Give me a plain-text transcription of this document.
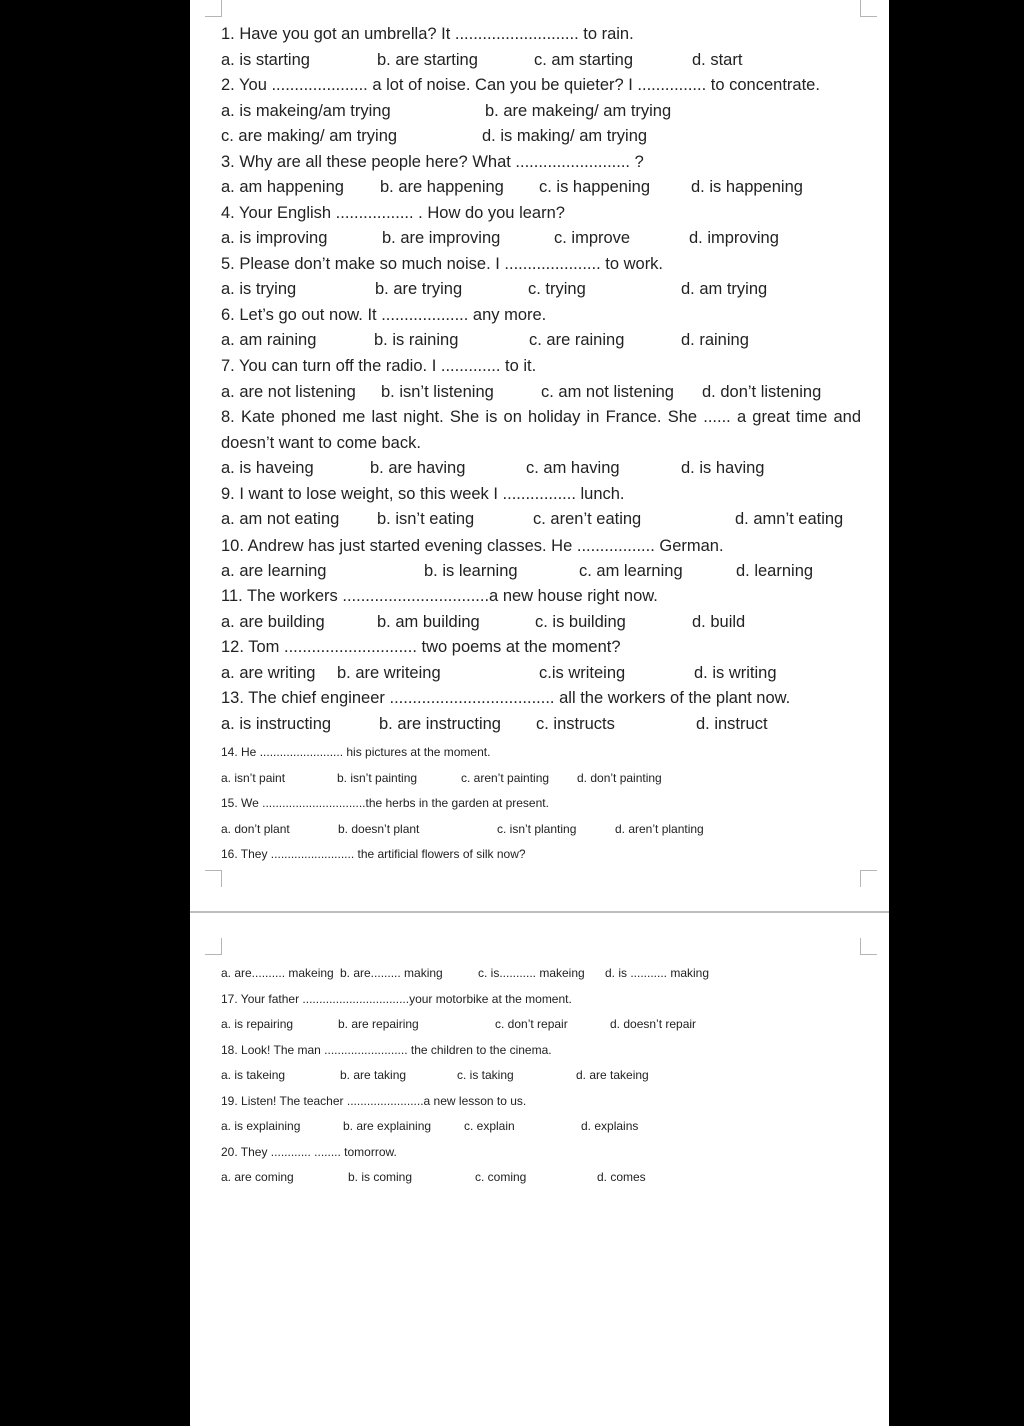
1. Have you got an umbrella? It ........................... to rain.
a. is starting	b. are starting	c. am starting	d. start
2. You ..................... a lot of noise. Can you be quieter? I ............... to concentrate.
a. is makeing/am trying	b. are makeing/ am trying
c. are making/ am trying	d. is making/ am trying
3. Why are all these people here? What ......................... ?
a. am happening b. are happening c. is happening d. is happening
4. Your English ................. . How do you learn?
a. is improving	b. are improving	c. improve	d. improving
5. Please don’t make so much noise. I ..................... to work.
a. is trying	b. are trying	c. trying	d. am trying
6. Let’s go out now. It ................... any more.
a. am raining	b. is raining	c. are raining	d. raining
7. You can turn off the radio. I ............. to it.
a. are not listening b. isn’t listening	c. am not listening d. don’t listening
8. Kate phoned me last night. She is on holiday in France. She ...... a great time and
doesn’t want to come back.
a. is haveing	b. are having	c. am having	d. is having
9. I want to lose weight, so this week I ................ lunch.
a. am not eating b. isn’t eating	c. aren’t eating	d. amn’t eating
10. Andrew has just started evening classes. He ................. German.
a. are learning	b. is learning	c. am learning	d. learning
11. The workers ................................a new house right now.
a. are building	b. am building	c. is building	d. build
12. Tom ............................. two poems at the moment?
a. are writing b. are writeing	c.is writeing	d. is writing
13. The chief engineer .................................... all the workers of the plant now.
a. is instructing	b. are instructing c. instructs	d. instruct
14. He ......................... his pictures at the moment.
a. isn’t paint	b. isn’t painting	c. aren’t painting d. don’t painting
15. We ...............................the herbs in the garden at present.
a. don’t plant	b. doesn’t plant	c. isn’t planting	d. aren’t planting
16. They ......................... the artificial flowers of silk now?
a. are.......... makeing b. are......... making	c. is........... makeing d. is ........... making
17. Your father ................................your motorbike at the moment.
a. is repairing	b. are repairing	c. don’t repair	d. doesn’t repair
18. Look! The man ......................... the children to the cinema.
a. is takeing	b. are taking	c. is taking	d. are takeing
19. Listen! The teacher .......................a new lesson to us.
a. is explaining	b. are explaining	c. explain	d. explains
20. They ............ ........ tomorrow.
a. are coming	b. is coming	c. coming	d. comes
